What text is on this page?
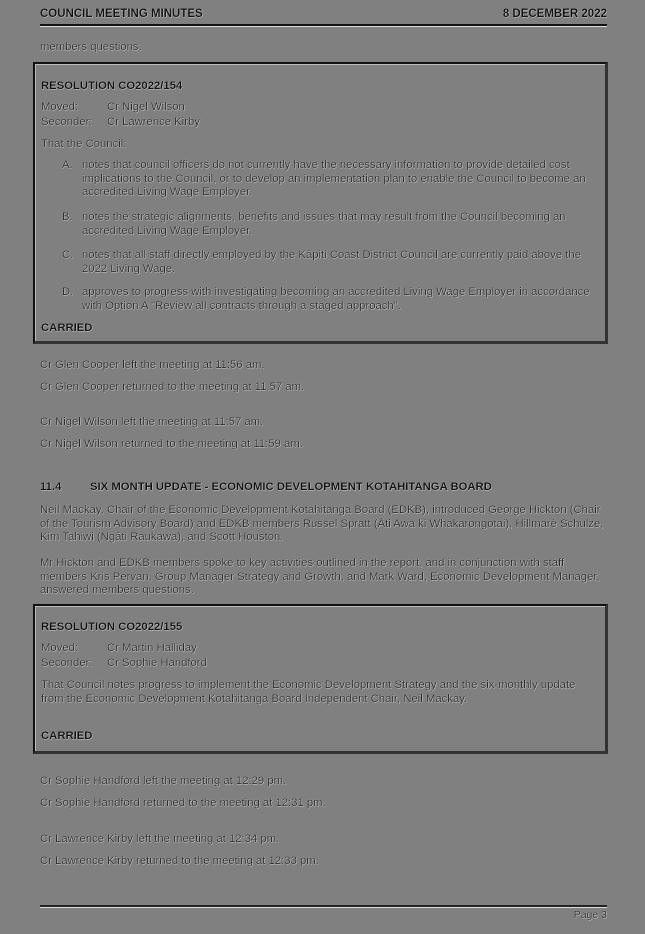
COUNCIL MEETING MINUTES	8 DECEMBER 2022
members questions.
RESOLUTION CO2022/154
Moved:	Cr Nigel Wilson
Seconder: Cr Lawrence Kirby
That the Council:
A. notes that council officers do not currently have the necessary information to provide detailed cost implications to the Council, or to develop an implementation plan to enable the Council to become an accredited Living Wage Employer.
B. notes the strategic alignments, benefits and issues that may result from the Council becoming an accredited Living Wage Employer.
C. notes that all staff directly employed by the Kāpiti Coast District Council are currently paid above the 2022 Living Wage.
D. approves to progress with investigating becoming an accredited Living Wage Employer in accordance with Option A "Review all contracts through a staged approach".
CARRIED
Cr Glen Cooper left the meeting at 11:56 am.
Cr Glen Cooper returned to the meeting at 11.57 am.
Cr Nigel Wilson left the meeting at 11:57 am.
Cr Nigel Wilson returned to the meeting at 11:59 am.
11.4	SIX MONTH UPDATE - ECONOMIC DEVELOPMENT KOTAHITANGA BOARD
Neil Mackay, Chair of the Economic Development Kotahitanga Board (EDKB), introduced George Hickton (Chair of the Tourism Advisory Board) and EDKB members Russel Spratt (Āti Awa ki Whakarongotai), Hillmarè Schulze, Kim Tahiwi (Ngāti Raukawa), and Scott Houston.
Mr Hickton and EDKB members spoke to key activities outlined in the report, and in conjunction with staff members Kris Pervan, Group Manager Strategy and Growth, and Mark Ward, Economic Development Manager, answered members questions.
RESOLUTION CO2022/155
Moved:	Cr Martin Halliday
Seconder: Cr Sophie Handford
That Council notes progress to implement the Economic Development Strategy and the six-monthly update from the Economic Development Kotahitanga Board Independent Chair, Neil Mackay.
CARRIED
Cr Sophie Handford left the meeting at 12:29 pm.
Cr Sophie Handford returned to the meeting at 12:31 pm.
Cr Lawrence Kirby left the meeting at 12:34 pm.
Cr Lawrence Kirby returned to the meeting at 12:33 pm.
Page 3
